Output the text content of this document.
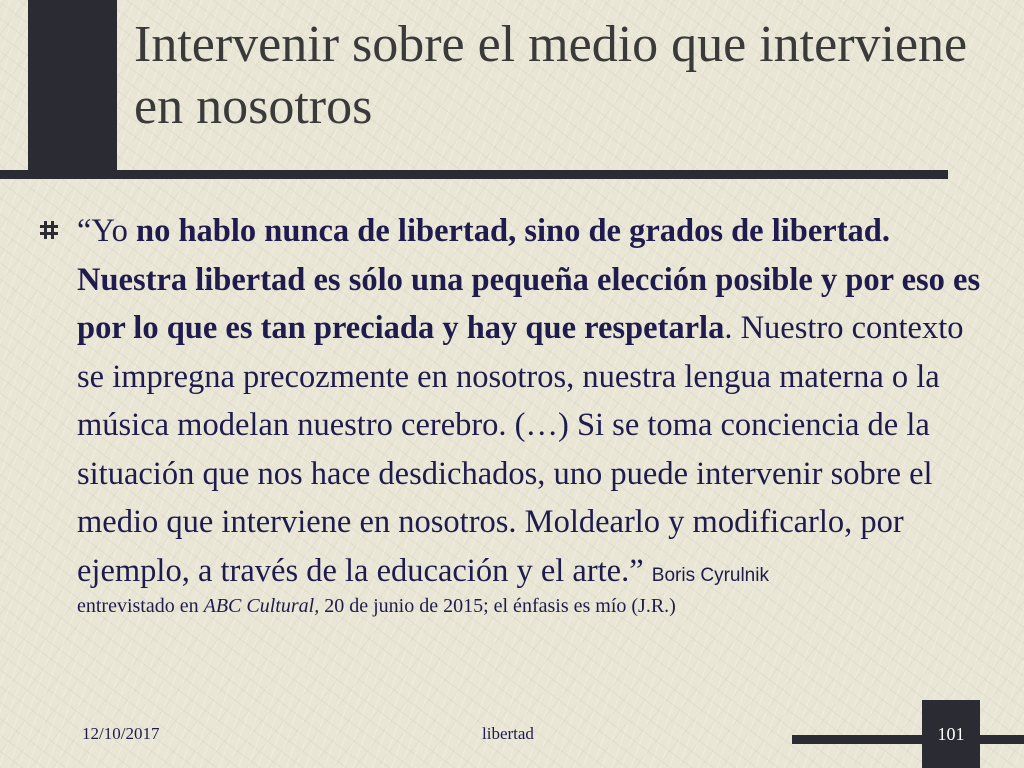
Intervenir sobre el medio que interviene en nosotros

“Yo no hablo nunca de libertad, sino de grados de libertad. Nuestra libertad es sólo una pequeña elección posible y por eso es por lo que es tan preciada y hay que respetarla. Nuestro contexto se impregna precozmente en nosotros, nuestra lengua materna o la música modelan nuestro cerebro. (…) Si se toma conciencia de la situación que nos hace desdichados, uno puede intervenir sobre el medio que interviene en nosotros. Moldearlo y modificarlo, por ejemplo, a través de la educación y el arte.” Boris Cyrulnik
entrevistado en ABC Cultural, 20 de junio de 2015; el énfasis es mío (J.R.)

12/10/2017	libertad	101
